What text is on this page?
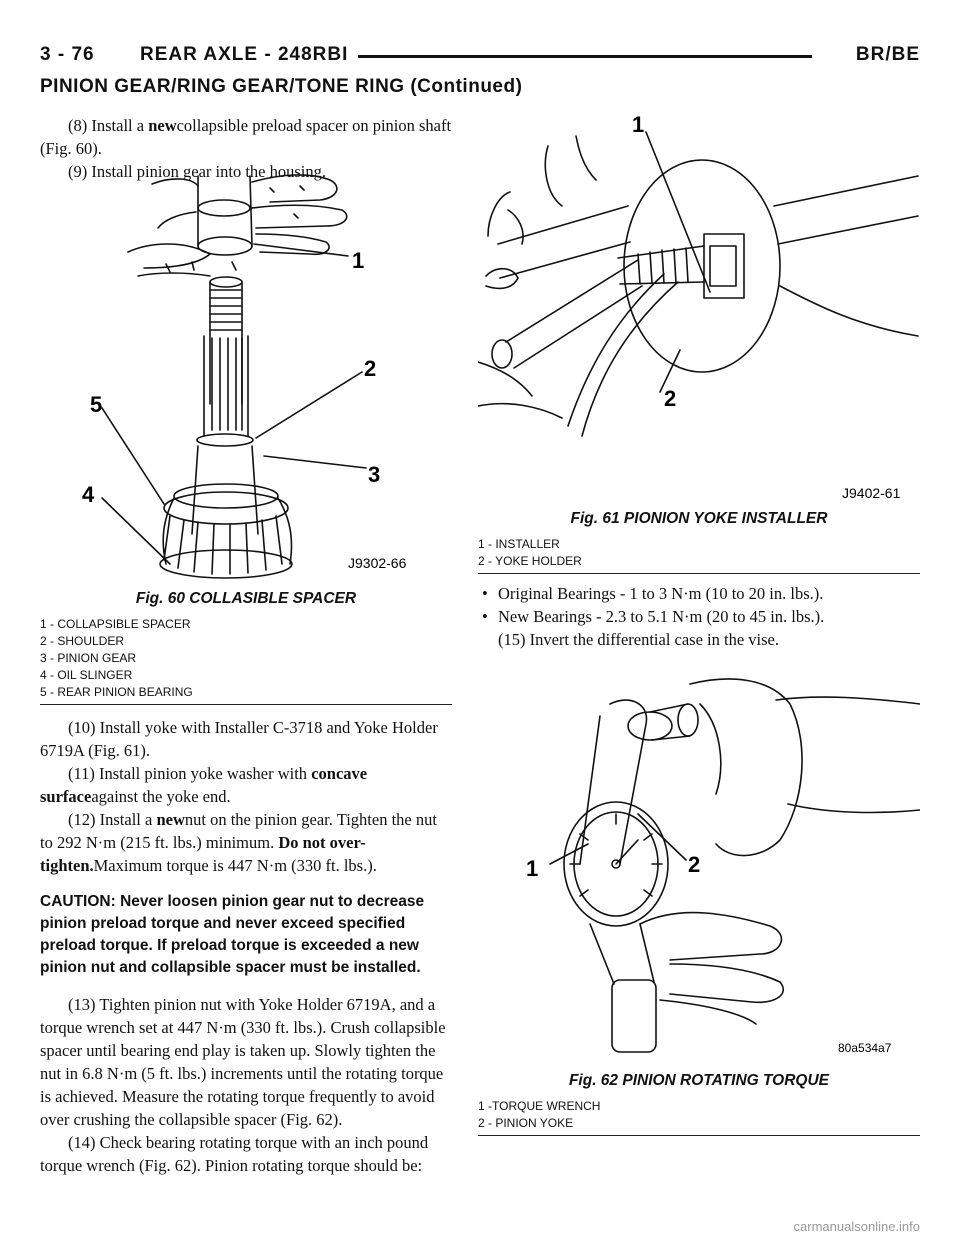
3 - 76 REAR AXLE - 248RBI	BR/BE
PINION GEAR/RING GEAR/TONE RING (Continued)

(8) Install a newcollapsible preload spacer on pinion shaft (Fig. 60).

(9) Install pinion gear into the housing.

1
2
3
4
5
J9302-66
Fig. 60 COLLASIBLE SPACER
1 - COLLAPSIBLE SPACER
2 - SHOULDER
3 - PINION GEAR
4 - OIL SLINGER
5 - REAR PINION BEARING

(10) Install yoke with Installer C-3718 and Yoke Holder 6719A (Fig. 61).

(11) Install pinion yoke washer with concave surfaceagainst the yoke end.

(12) Install a newnut on the pinion gear. Tighten the nut to 292 N·m (215 ft. lbs.) minimum. Do not over-tighten.Maximum torque is 447 N·m (330 ft. lbs.).

CAUTION: Never loosen pinion gear nut to decrease pinion preload torque and never exceed specified preload torque. If preload torque is exceeded a new pinion nut and collapsible spacer must be installed.

(13) Tighten pinion nut with Yoke Holder 6719A, and a torque wrench set at 447 N·m (330 ft. lbs.). Crush collapsible spacer until bearing end play is taken up. Slowly tighten the nut in 6.8 N·m (5 ft. lbs.) increments until the rotating torque is achieved. Measure the rotating torque frequently to avoid over crushing the collapsible spacer (Fig. 62).

(14) Check bearing rotating torque with an inch pound torque wrench (Fig. 62). Pinion rotating torque should be:

1
2
J9402-61
Fig. 61 PIONION YOKE INSTALLER
1 - INSTALLER
2 - YOKE HOLDER

• Original Bearings - 1 to 3 N·m (10 to 20 in. lbs.).

• New Bearings - 2.3 to 5.1 N·m (20 to 45 in. lbs.).

(15) Invert the differential case in the vise.

1	2
80a534a7
Fig. 62 PINION ROTATING TORQUE
1 -TORQUE WRENCH
2 - PINION YOKE
carmanualsonline.info
